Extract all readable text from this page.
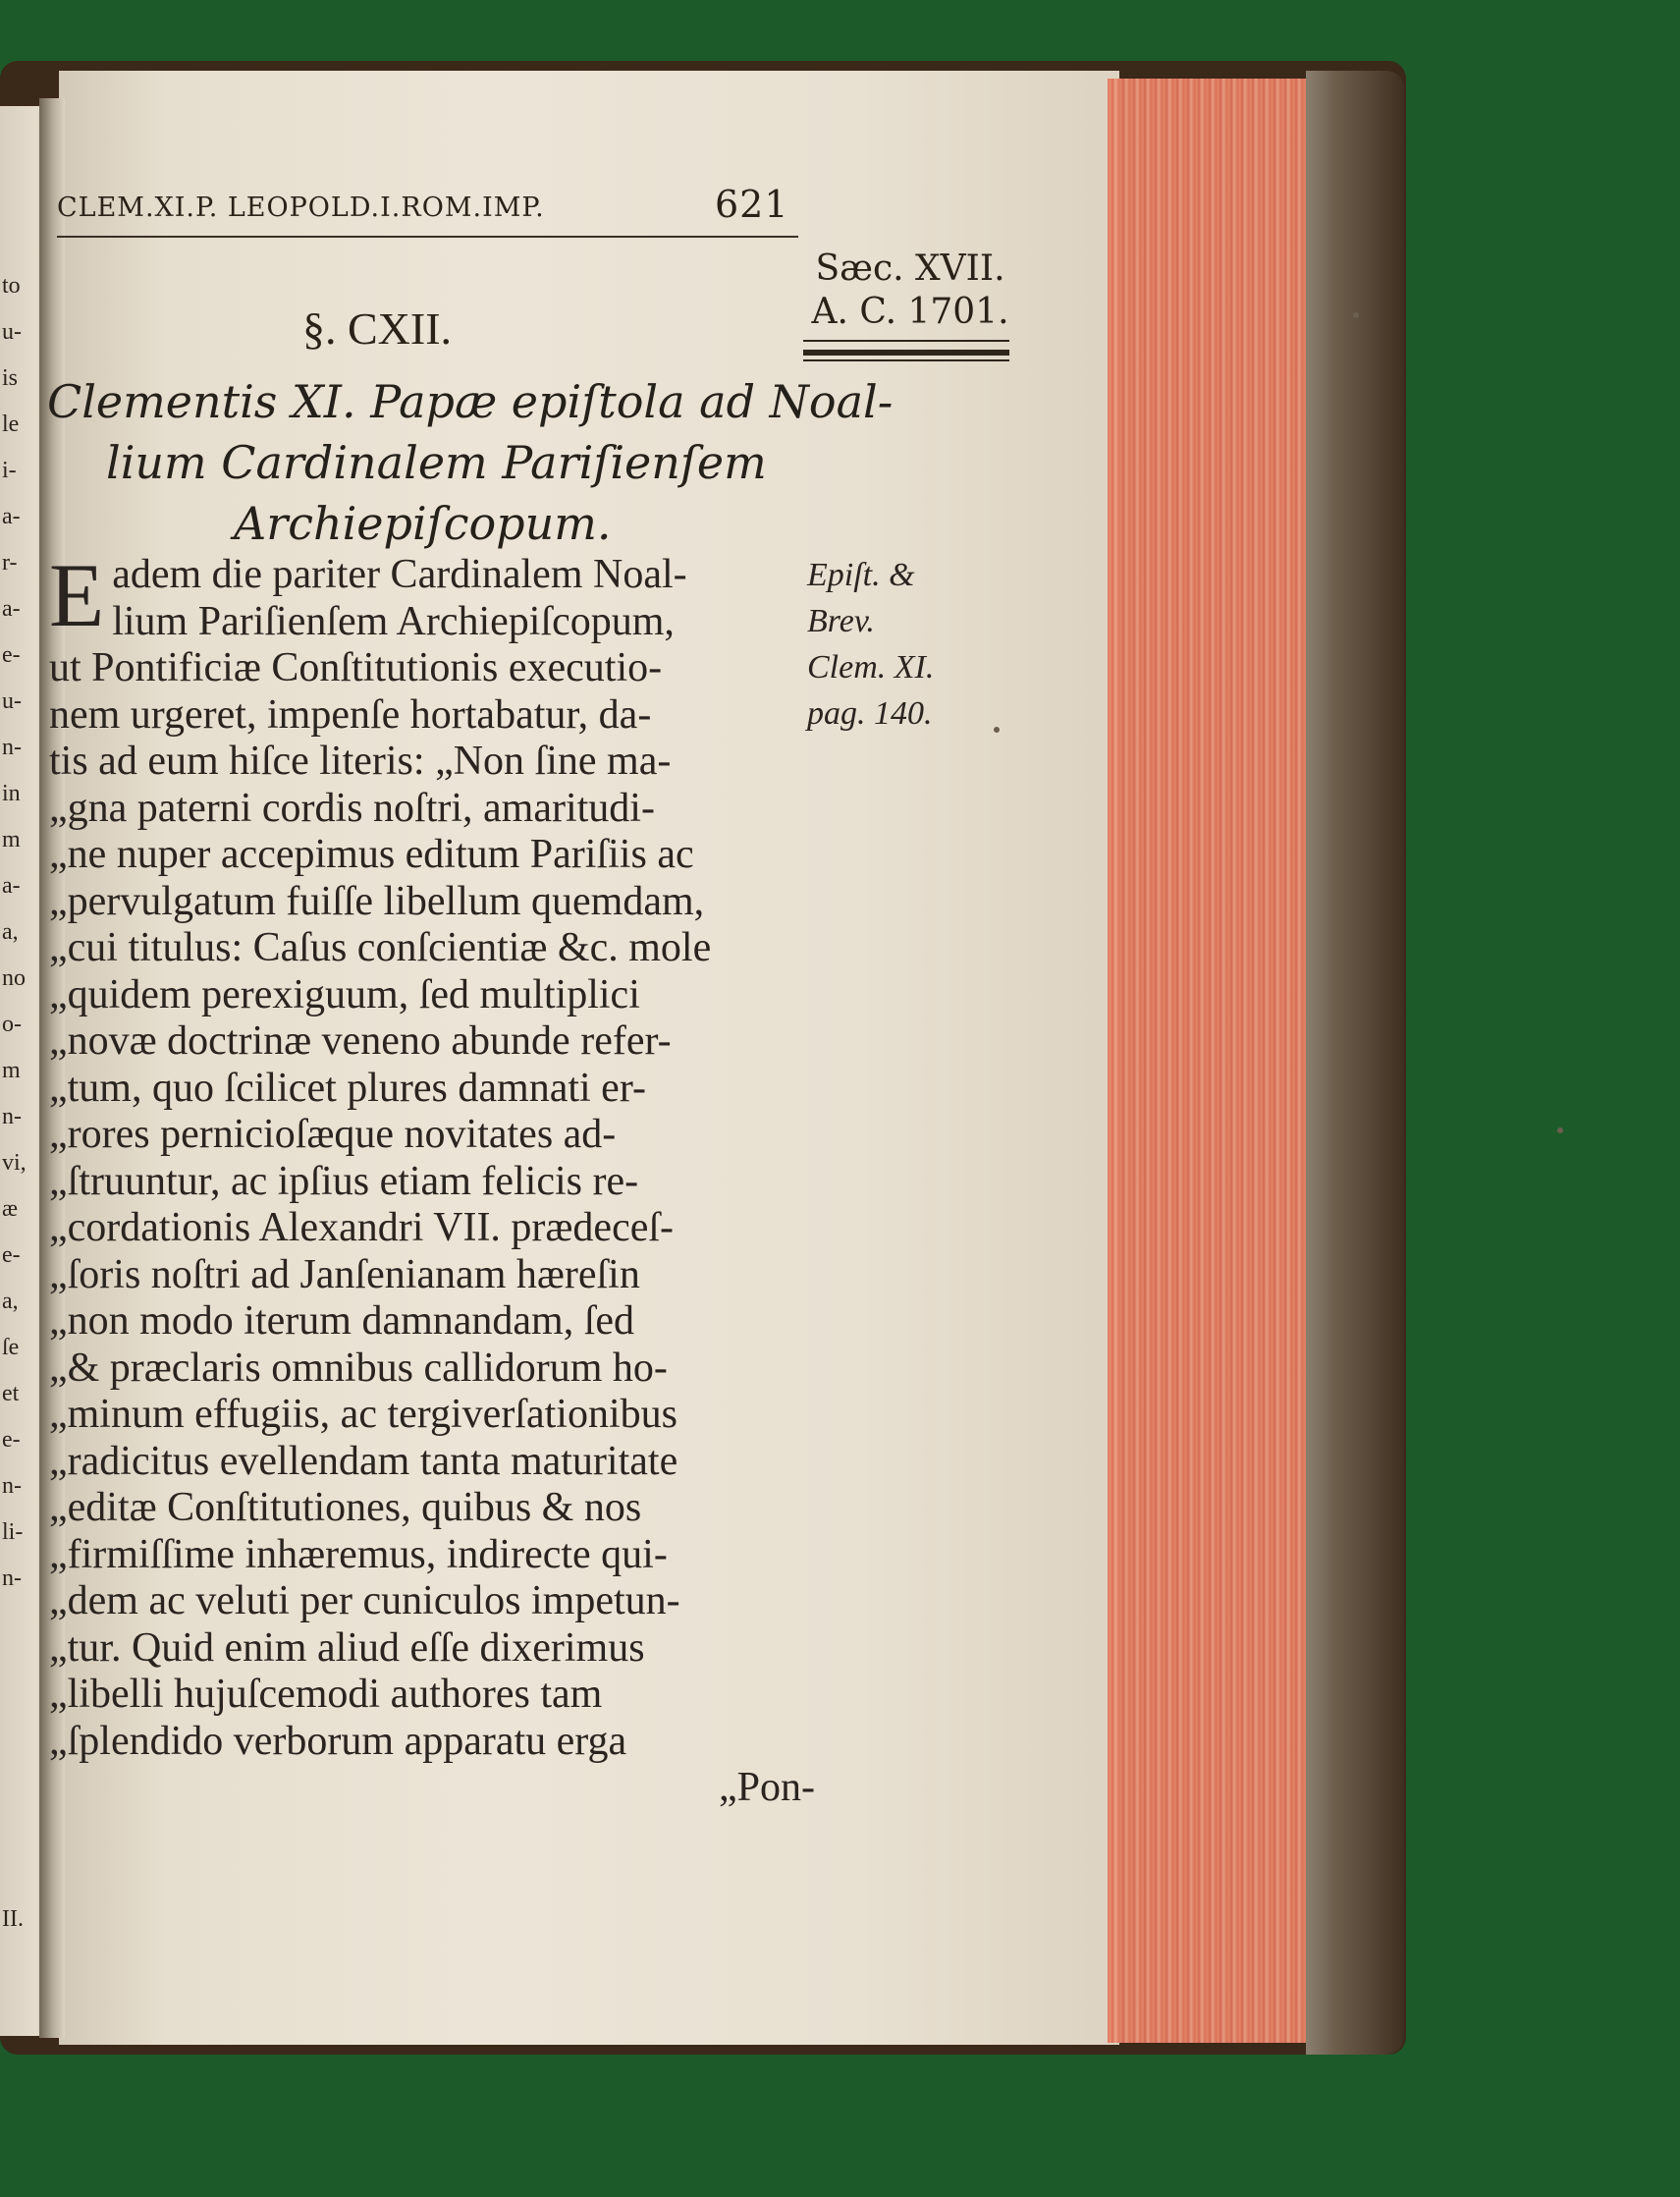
to
u-
is
le
i-
a-
r-
a-
e-
u-
n-
in
m
a-
a,
no
o-
m
n-
vi,
æ
e-
a,
ſe
et
e-
n-
li-
n-
II.
CLEM.XI.P. LEOPOLD.I.ROM.IMP.	621
Sæc. XVII.
A. C. 1701.
§. CXII.
Clementis XI. Papæ epiſtola ad Noal-
lium Cardinalem Pariſienſem
Archiepiſcopum.
E adem die pariter Cardinalem Noal-
lium Pariſienſem Archiepiſcopum,
ut Pontificiæ Conſtitutionis executio-
nem urgeret, impenſe hortabatur, da-
tis ad eum hiſce literis: „Non ſine ma-
„gna paterni cordis noſtri, amaritudi-
„ne nuper accepimus editum Pariſiis ac
„pervulgatum fuiſſe libellum quemdam,
„cui titulus: Caſus conſcientiæ &c. mole
„quidem perexiguum, ſed multiplici
„novæ doctrinæ veneno abunde refer-
„tum, quo ſcilicet plures damnati er-
„rores pernicioſæque novitates ad-
„ſtruuntur, ac ipſius etiam felicis re-
„cordationis Alexandri VII. prædeceſ-
„ſoris noſtri ad Janſenianam hæreſin
„non modo iterum damnandam, ſed
„& præclaris omnibus callidorum ho-
„minum effugiis, ac tergiverſationibus
„radicitus evellendam tanta maturitate
„editæ Conſtitutiones, quibus & nos
„firmiſſime inhæremus, indirecte qui-
„dem ac veluti per cuniculos impetun-
„tur. Quid enim aliud eſſe dixerimus
„libelli hujuſcemodi authores tam
„ſplendido verborum apparatu erga
„Pon-
Epiſt. &
Brev.
Clem. XI.
pag. 140.
